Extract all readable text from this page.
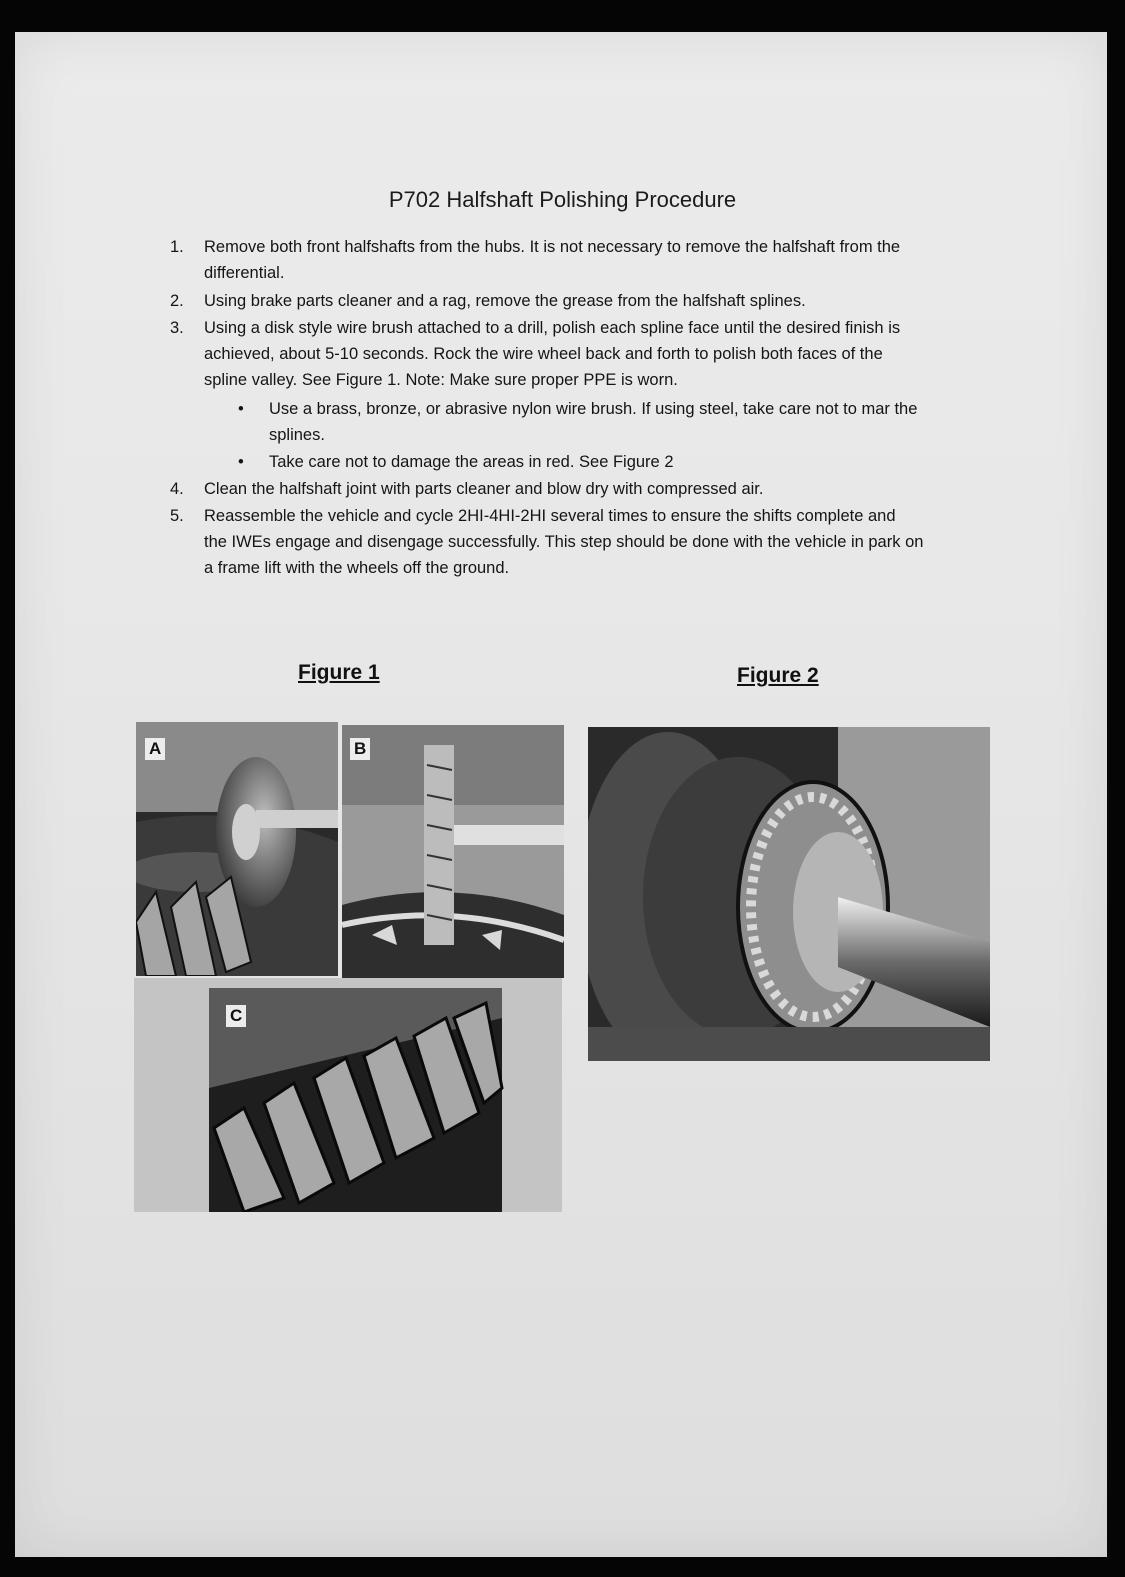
P702 Halfshaft Polishing Procedure
1.	Remove both front halfshafts from the hubs. It is not necessary to remove the halfshaft from the
differential.
2.	Using brake parts cleaner and a rag, remove the grease from the halfshaft splines.
3.	Using a disk style wire brush attached to a drill, polish each spline face until the desired finish is
achieved, about 5-10 seconds. Rock the wire wheel back and forth to polish both faces of the
spline valley. See Figure 1. Note: Make sure proper PPE is worn.
• Use a brass, bronze, or abrasive nylon wire brush. If using steel, take care not to mar the
splines.
• Take care not to damage the areas in red. See Figure 2
4.	Clean the halfshaft joint with parts cleaner and blow dry with compressed air.
5.	Reassemble the vehicle and cycle 2HI-4HI-2HI several times to ensure the shifts complete and
the IWEs engage and disengage successfully. This step should be done with the vehicle in park on
a frame lift with the wheels off the ground.
Figure 1	Figure 2
A	B
C
